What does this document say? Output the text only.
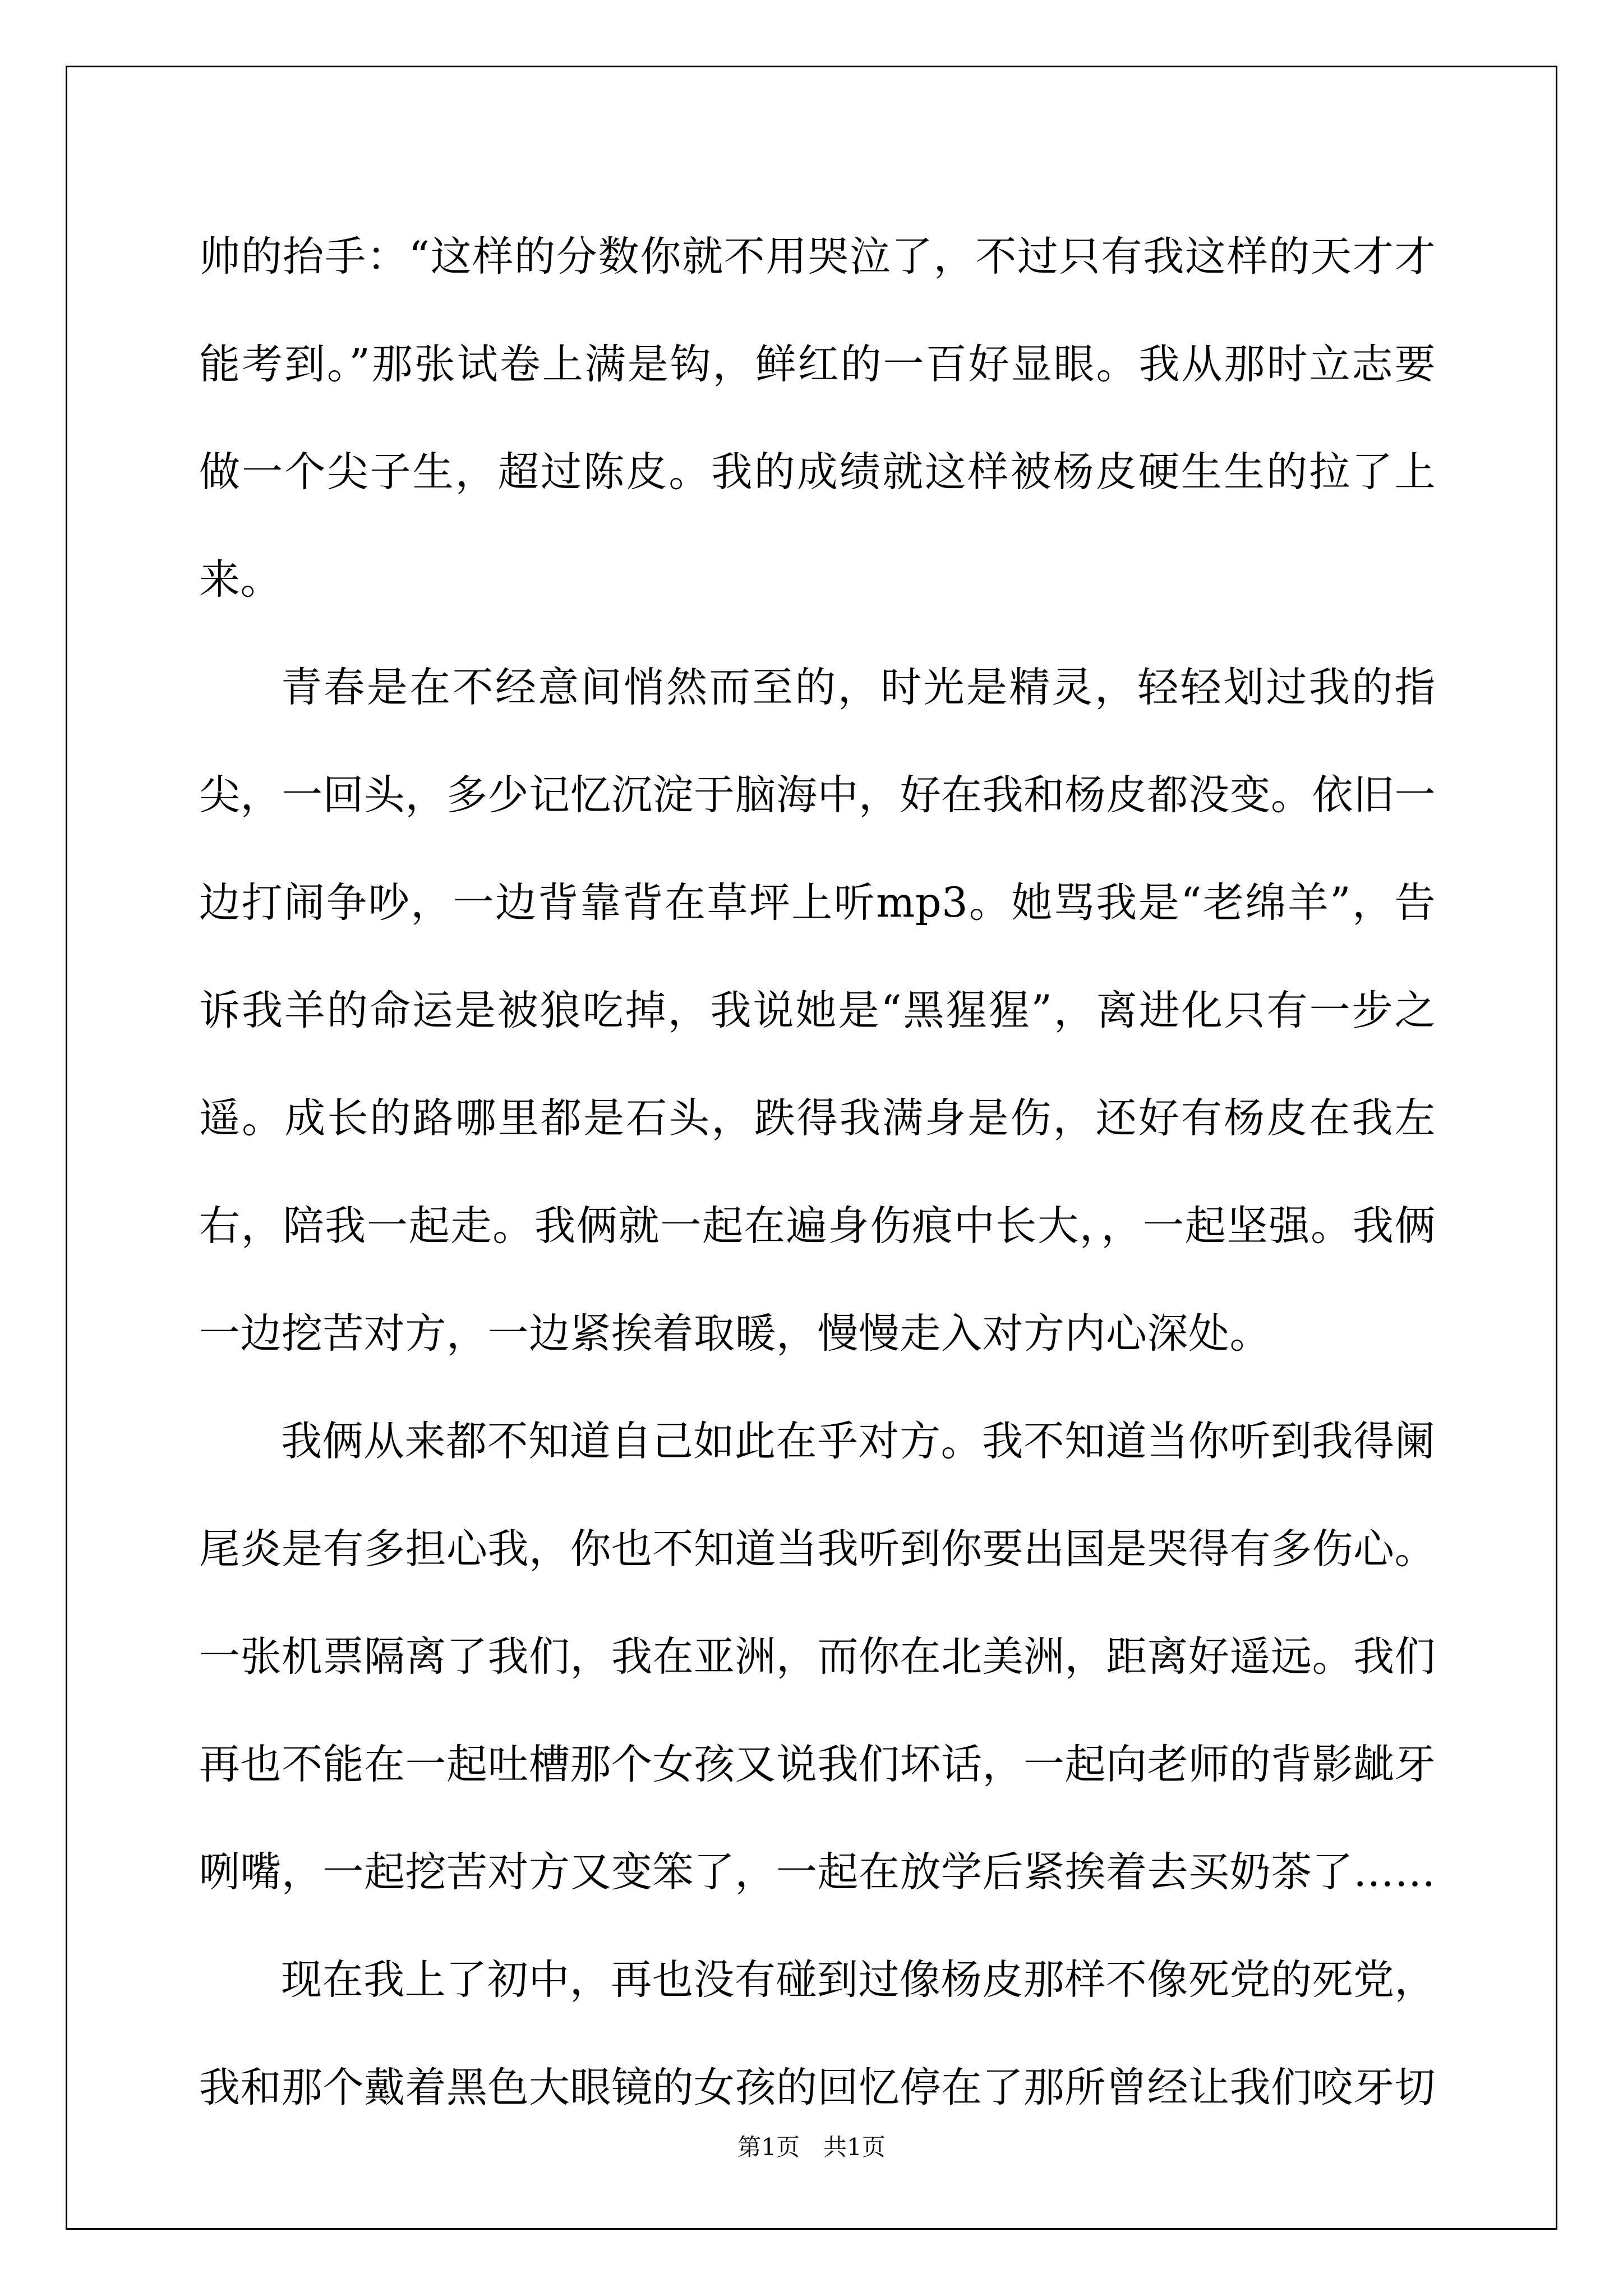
帅的抬手：“这样的分数你就不用哭泣了，不过只有我这样的天才才能考到。”那张试卷上满是钩，鲜红的一百好显眼。我从那时立志要做一个尖子生，超过陈皮。我的成绩就这样被杨皮硬生生的拉了上来。

青春是在不经意间悄然而至的，时光是精灵，轻轻划过我的指尖，一回头，多少记忆沉淀于脑海中，好在我和杨皮都没变。依旧一边打闹争吵，一边背靠背在草坪上听mp3。她骂我是“老绵羊”，告诉我羊的命运是被狼吃掉，我说她是“黑猩猩”，离进化只有一步之遥。成长的路哪里都是石头，跌得我满身是伤，还好有杨皮在我左右，陪我一起走。我俩就一起在遍身伤痕中长大，，一起坚强。我俩一边挖苦对方，一边紧挨着取暖，慢慢走入对方内心深处。

我俩从来都不知道自己如此在乎对方。我不知道当你听到我得阑尾炎是有多担心我，你也不知道当我听到你要出国是哭得有多伤心。一张机票隔离了我们，我在亚洲，而你在北美洲，距离好遥远。我们再也不能在一起吐槽那个女孩又说我们坏话，一起向老师的背影龇牙咧嘴，一起挖苦对方又变笨了，一起在放学后紧挨着去买奶茶了……

现在我上了初中，再也没有碰到过像杨皮那样不像死党的死党，我和那个戴着黑色大眼镜的女孩的回忆停在了那所曾经让我们咬牙切

第1页　共1页
